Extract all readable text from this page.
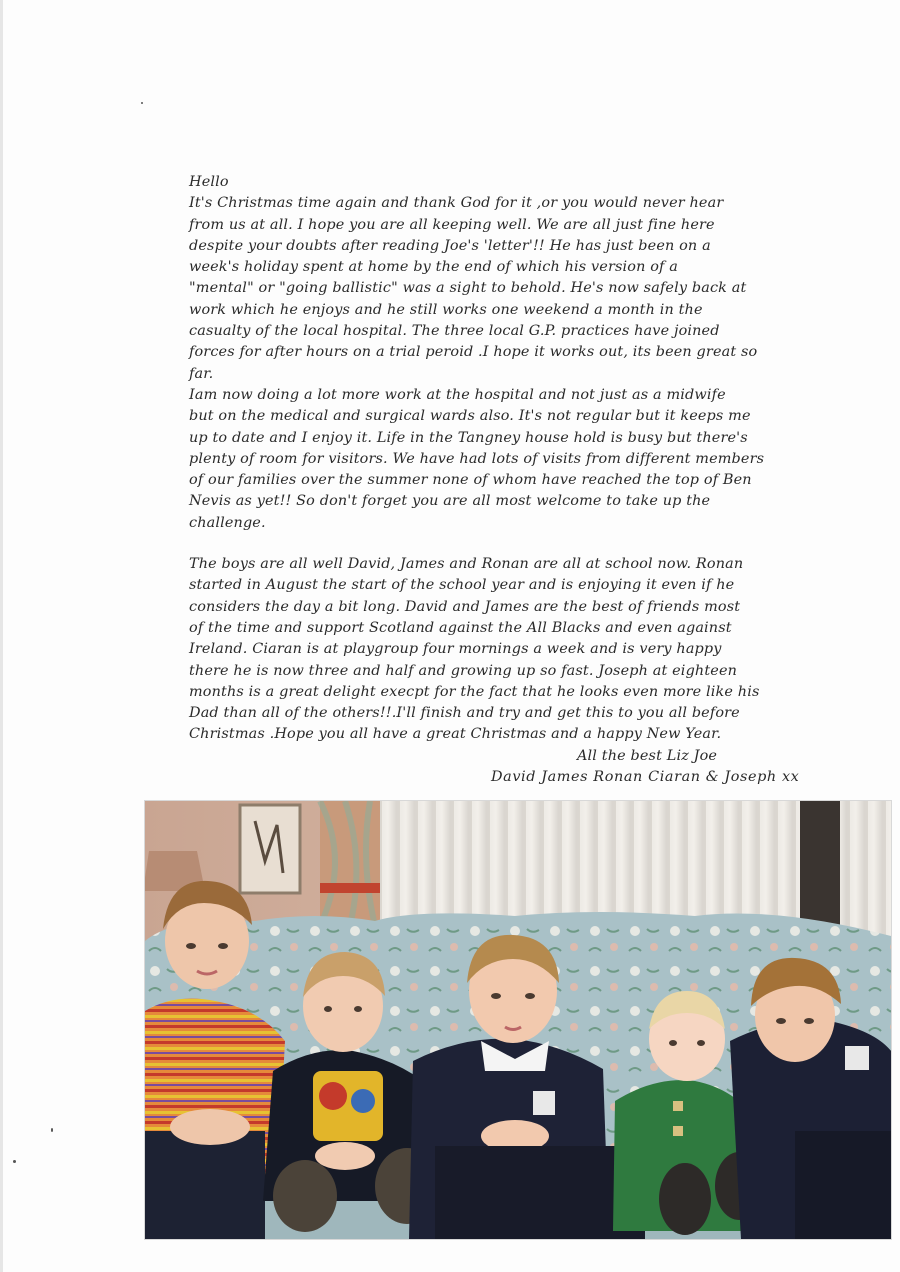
Hello

It's Christmas time again and thank God for it ,or you would never hear

from us at all. I hope you are all keeping well. We are all just fine here

despite your doubts after reading Joe's 'letter'!! He has just been on a

week's holiday spent at home by the end of which his version of a

"mental" or "going ballistic" was a sight to behold. He's now safely back at

work which he enjoys and he still works one weekend a month in the

casualty of the local hospital. The three local G.P. practices have joined

forces for after hours on a trial peroid .I hope it works out, its been great so

far.

Iam now doing a lot more work at the hospital and not just as a midwife

but on the medical and surgical wards also. It's not regular but it keeps me

up to date and I enjoy it. Life in the Tangney house hold is busy but there's

plenty of room for visitors. We have had lots of visits from different members

of our families over the summer none of whom have reached the top of Ben

Nevis as yet!! So don't forget you are all most welcome to take up the

challenge.

The boys are all well David, James and Ronan are all at school now. Ronan

started in August the start of the school year and is enjoying it even if he

considers the day a bit long. David and James are the best of friends most

of the time and support Scotland against the All Blacks and even against

Ireland. Ciaran is at playgroup four mornings a week and is very happy

there he is now three and half and growing up so fast. Joseph at eighteen

months is a great delight execpt for the fact that he looks even more like his

Dad than all of the others!!.I'll finish and try and get this to you all before

Christmas .Hope you all have a great Christmas and a happy New Year.

All the best Liz Joe

David James Ronan Ciaran & Joseph xx
